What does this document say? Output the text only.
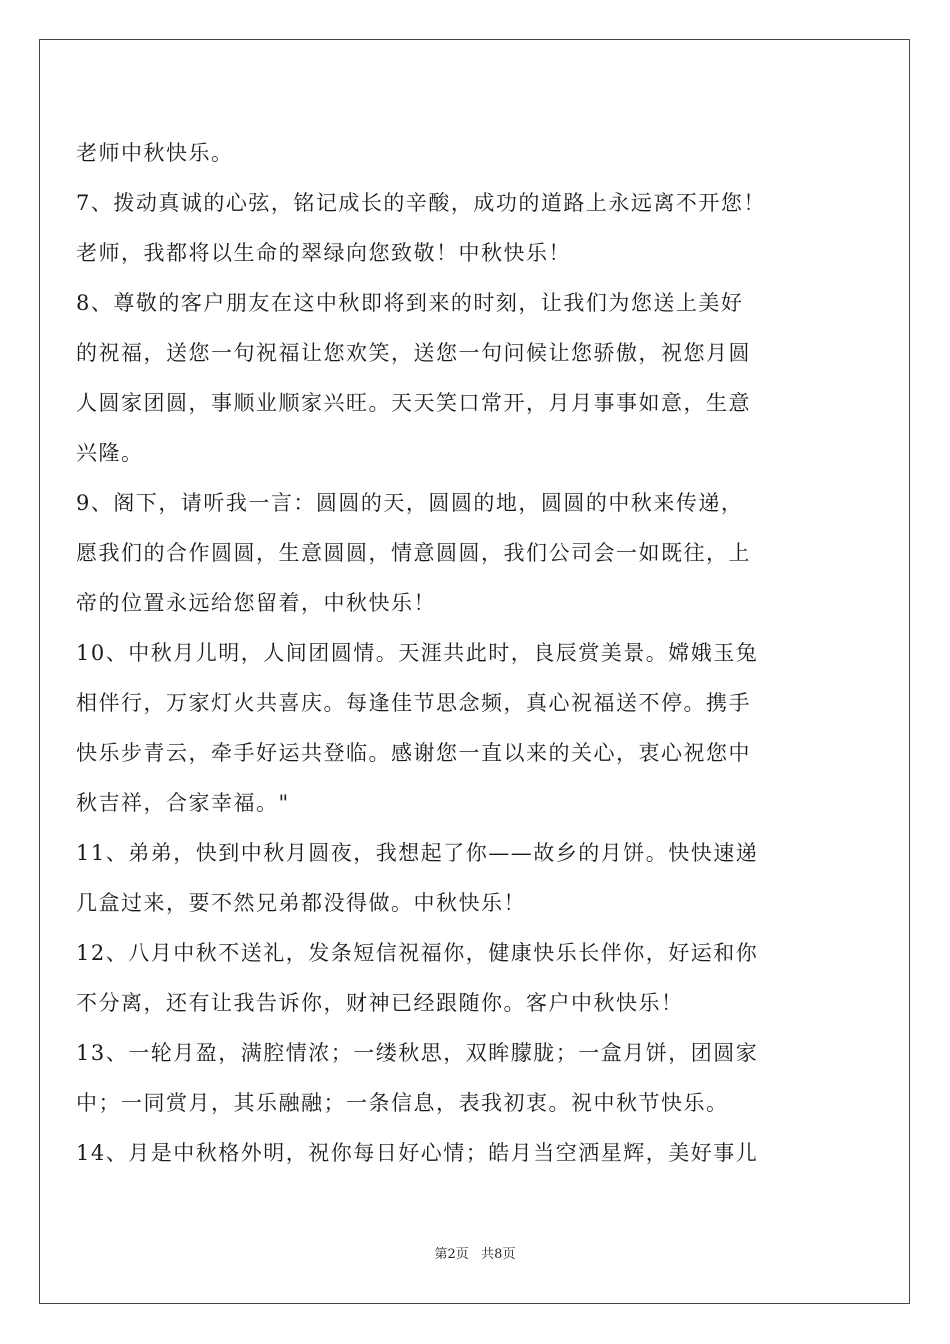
老师中秋快乐。
7、拨动真诚的心弦，铭记成长的辛酸，成功的道路上永远离不开您！
老师，我都将以生命的翠绿向您致敬！中秋快乐！
8、尊敬的客户朋友在这中秋即将到来的时刻，让我们为您送上美好
的祝福，送您一句祝福让您欢笑，送您一句问候让您骄傲，祝您月圆
人圆家团圆，事顺业顺家兴旺。天天笑口常开，月月事事如意，生意
兴隆。
9、阁下，请听我一言：圆圆的天，圆圆的地，圆圆的中秋来传递，
愿我们的合作圆圆，生意圆圆，情意圆圆，我们公司会一如既往，上
帝的位置永远给您留着，中秋快乐！
10、中秋月儿明，人间团圆情。天涯共此时，良辰赏美景。嫦娥玉兔
相伴行，万家灯火共喜庆。每逢佳节思念频，真心祝福送不停。携手
快乐步青云，牵手好运共登临。感谢您一直以来的关心，衷心祝您中
秋吉祥，合家幸福。"
11、弟弟，快到中秋月圆夜，我想起了你——故乡的月饼。快快速递
几盒过来，要不然兄弟都没得做。中秋快乐！
12、八月中秋不送礼，发条短信祝福你，健康快乐长伴你，好运和你
不分离，还有让我告诉你，财神已经跟随你。客户中秋快乐！
13、一轮月盈，满腔情浓；一缕秋思，双眸朦胧；一盒月饼，团圆家
中；一同赏月，其乐融融；一条信息，表我初衷。祝中秋节快乐。
14、月是中秋格外明，祝你每日好心情；皓月当空洒星辉，美好事儿
第2页   共8页
